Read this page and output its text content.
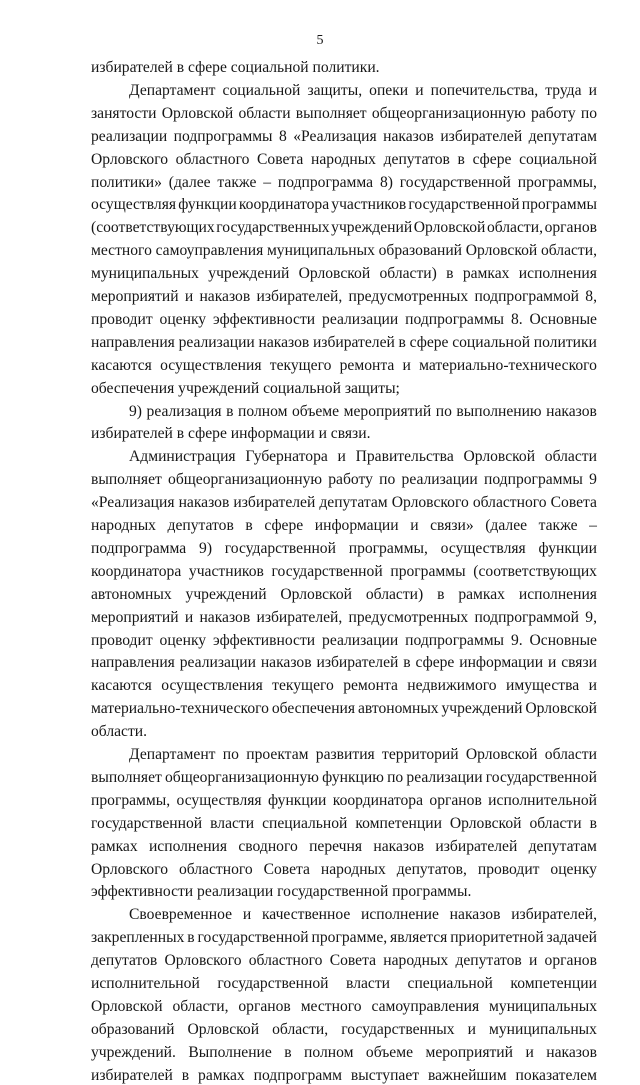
5
избирателей в сфере социальной политики.
Департамент социальной защиты, опеки и попечительства, труда и
занятости Орловской области выполняет общеорганизационную работу по
реализации подпрограммы 8 «Реализация наказов избирателей депутатам
Орловского областного Совета народных депутатов в сфере социальной
политики» (далее также – подпрограмма 8) государственной программы,
осуществляя функции координатора участников государственной программы
(соответствующих государственных учреждений Орловской области, органов
местного самоуправления муниципальных образований Орловской области,
муниципальных учреждений Орловской области) в рамках исполнения
мероприятий и наказов избирателей, предусмотренных подпрограммой 8,
проводит оценку эффективности реализации подпрограммы 8. Основные
направления реализации наказов избирателей в сфере социальной политики
касаются осуществления текущего ремонта и материально-технического
обеспечения учреждений социальной защиты;
9) реализация в полном объеме мероприятий по выполнению наказов
избирателей в сфере информации и связи.
Администрация Губернатора и Правительства Орловской области
выполняет общеорганизационную работу по реализации подпрограммы 9
«Реализация наказов избирателей депутатам Орловского областного Совета
народных депутатов в сфере информации и связи» (далее также –
подпрограмма 9) государственной программы, осуществляя функции
координатора участников государственной программы (соответствующих
автономных учреждений Орловской области) в рамках исполнения
мероприятий и наказов избирателей, предусмотренных подпрограммой 9,
проводит оценку эффективности реализации подпрограммы 9. Основные
направления реализации наказов избирателей в сфере информации и связи
касаются осуществления текущего ремонта недвижимого имущества и
материально-технического обеспечения автономных учреждений Орловской
области.
Департамент по проектам развития территорий Орловской области
выполняет общеорганизационную функцию по реализации государственной
программы, осуществляя функции координатора органов исполнительной
государственной власти специальной компетенции Орловской области в
рамках исполнения сводного перечня наказов избирателей депутатам
Орловского областного Совета народных депутатов, проводит оценку
эффективности реализации государственной программы.
Своевременное и качественное исполнение наказов избирателей,
закрепленных в государственной программе, является приоритетной задачей
депутатов Орловского областного Совета народных депутатов и органов
исполнительной государственной власти специальной компетенции
Орловской области, органов местного самоуправления муниципальных
образований Орловской области, государственных и муниципальных
учреждений. Выполнение в полном объеме мероприятий и наказов
избирателей в рамках подпрограмм выступает важнейшим показателем
